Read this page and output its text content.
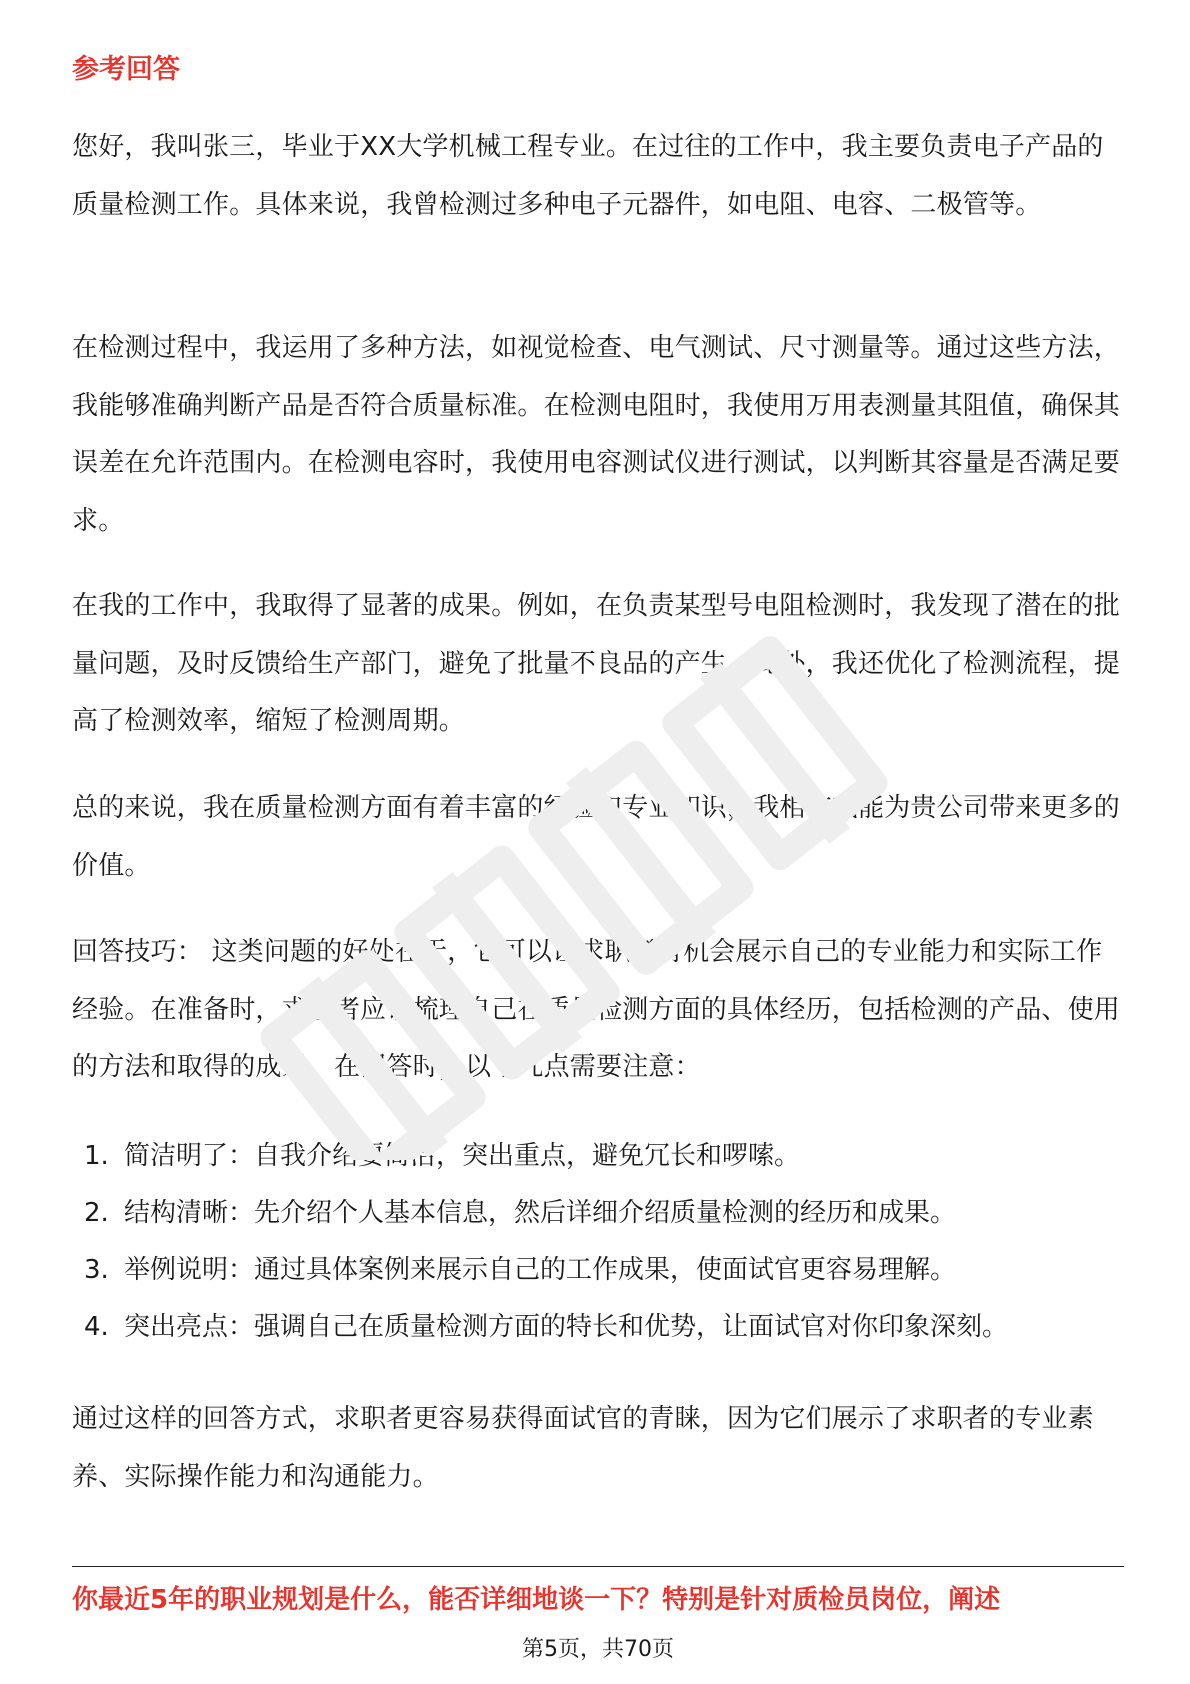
参考回答

您好，我叫张三，毕业于XX大学机械工程专业。在过往的工作中，我主要负责电子产品的质量检测工作。具体来说，我曾检测过多种电子元器件，如电阻、电容、二极管等。

在检测过程中，我运用了多种方法，如视觉检查、电气测试、尺寸测量等。通过这些方法，我能够准确判断产品是否符合质量标准。在检测电阻时，我使用万用表测量其阻值，确保其误差在允许范围内。在检测电容时，我使用电容测试仪进行测试，以判断其容量是否满足要求。

在我的工作中，我取得了显著的成果。例如，在负责某型号电阻检测时，我发现了潜在的批量问题，及时反馈给生产部门，避免了批量不良品的产生。此外，我还优化了检测流程，提高了检测效率，缩短了检测周期。

总的来说，我在质量检测方面有着丰富的经验和专业知识，我相信我能为贵公司带来更多的价值。

回答技巧： 这类问题的好处在于，它可以让求职者有机会展示自己的专业能力和实际工作经验。在准备时，求职者应该梳理自己在质量检测方面的具体经历，包括检测的产品、使用的方法和取得的成果。在回答时，以下几点需要注意：

1. 简洁明了：自我介绍要简洁，突出重点，避免冗长和啰嗦。
2. 结构清晰：先介绍个人基本信息，然后详细介绍质量检测的经历和成果。
3. 举例说明：通过具体案例来展示自己的工作成果，使面试官更容易理解。
4. 突出亮点：强调自己在质量检测方面的特长和优势，让面试官对你印象深刻。

通过这样的回答方式，求职者更容易获得面试官的青睐，因为它们展示了求职者的专业素养、实际操作能力和沟通能力。

你最近5年的职业规划是什么，能否详细地谈一下？特别是针对质检员岗位，阐述
第5页，共70页
